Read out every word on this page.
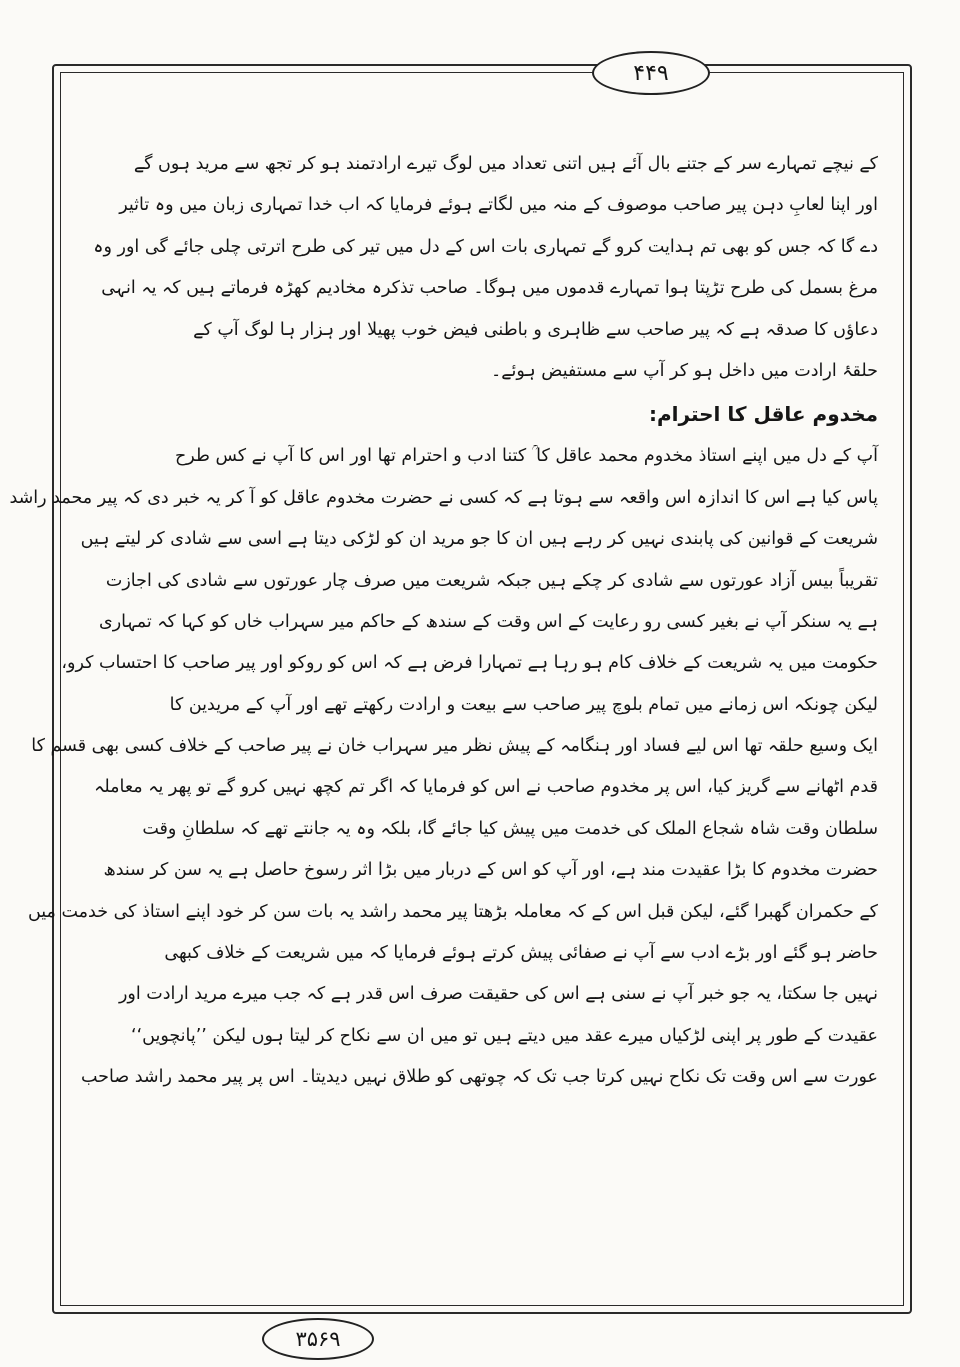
۴۴۹
کے نیچے تمہارے سر کے جتنے بال آئے ہیں اتنی تعداد میں لوگ تیرے ارادتمند ہو کر تجھ سے مرید ہوں گے
اور اپنا لعابِ دہن پیر صاحب موصوف کے منہ میں لگاتے ہوئے فرمایا کہ اب خدا تمہاری زبان میں وہ تاثیر
دے گا کہ جس کو بھی تم ہدایت کرو گے تمہاری بات اس کے دل میں تیر کی طرح اترتی چلی جائے گی اور وہ
مرغ بسمل کی طرح تڑپتا ہوا تمہارے قدموں میں ہوگا۔ صاحب تذکرہ مخادیم کھڑہ فرماتے ہیں کہ یہ انہی
دعاؤں کا صدقہ ہے کہ پیر صاحب سے ظاہری و باطنی فیض خوب پھیلا اور ہزار ہا لوگ آپ کے
حلقۂ ارادت میں داخل ہو کر آپ سے مستفیض ہوئے۔
مخدوم عاقل کا احترام:
آپ کے دل میں اپنے استاذ مخدوم محمد عاقل کا ؒ کتنا ادب و احترام تھا اور اس کا آپ نے کس طرح
پاس کیا ہے اس کا اندازہ اس واقعہ سے ہوتا ہے کہ کسی نے حضرت مخدوم عاقل کو آ کر یہ خبر دی کہ پیر محمد راشد
شریعت کے قوانین کی پابندی نہیں کر رہے ہیں ان کا جو مرید ان کو لڑکی دیتا ہے اسی سے شادی کر لیتے ہیں
تقریباً بیس آزاد عورتوں سے شادی کر چکے ہیں جبکہ شریعت میں صرف چار عورتوں سے شادی کی اجازت
ہے یہ سنکر آپ نے بغیر کسی رو رعایت کے اس وقت کے سندھ کے حاکم میر سہراب خاں کو کہا کہ تمہاری
حکومت میں یہ شریعت کے خلاف کام ہو رہا ہے تمہارا فرض ہے کہ اس کو روکو اور پیر صاحب کا احتساب کرو،
لیکن چونکہ اس زمانے میں تمام بلوچ پیر صاحب سے بیعت و ارادت رکھتے تھے اور آپ کے مریدین کا
ایک وسیع حلقہ تھا اس لیے فساد اور ہنگامہ کے پیش نظر میر سہراب خان نے پیر صاحب کے خلاف کسی بھی قسم کا
قدم اٹھانے سے گریز کیا، اس پر مخدوم صاحب نے اس کو فرمایا کہ اگر تم کچھ نہیں کرو گے تو پھر یہ معاملہ
سلطان وقت شاہ شجاع الملک کی خدمت میں پیش کیا جائے گا، بلکہ وہ یہ جانتے تھے کہ سلطانِ وقت
حضرت مخدوم کا بڑا عقیدت مند ہے، اور آپ کو اس کے دربار میں بڑا اثر رسوخ حاصل ہے یہ سن کر سندھ
کے حکمران گھبرا گئے، لیکن قبل اس کے کہ معاملہ بڑھتا پیر محمد راشد یہ بات سن کر خود اپنے استاذ کی خدمت میں
حاضر ہو گئے اور بڑے ادب سے آپ نے صفائی پیش کرتے ہوئے فرمایا کہ میں شریعت کے خلاف کبھی
نہیں جا سکتا، یہ جو خبر آپ نے سنی ہے اس کی حقیقت صرف اس قدر ہے کہ جب میرے مرید ارادت اور
عقیدت کے طور پر اپنی لڑکیاں میرے عقد میں دیتے ہیں تو میں ان سے نکاح کر لیتا ہوں لیکن ’’پانچویں‘‘
عورت سے اس وقت تک نکاح نہیں کرتا جب تک کہ چوتھی کو طلاق نہیں دیدیتا۔ اس پر پیر محمد راشد صاحب
۳۵۶۹
